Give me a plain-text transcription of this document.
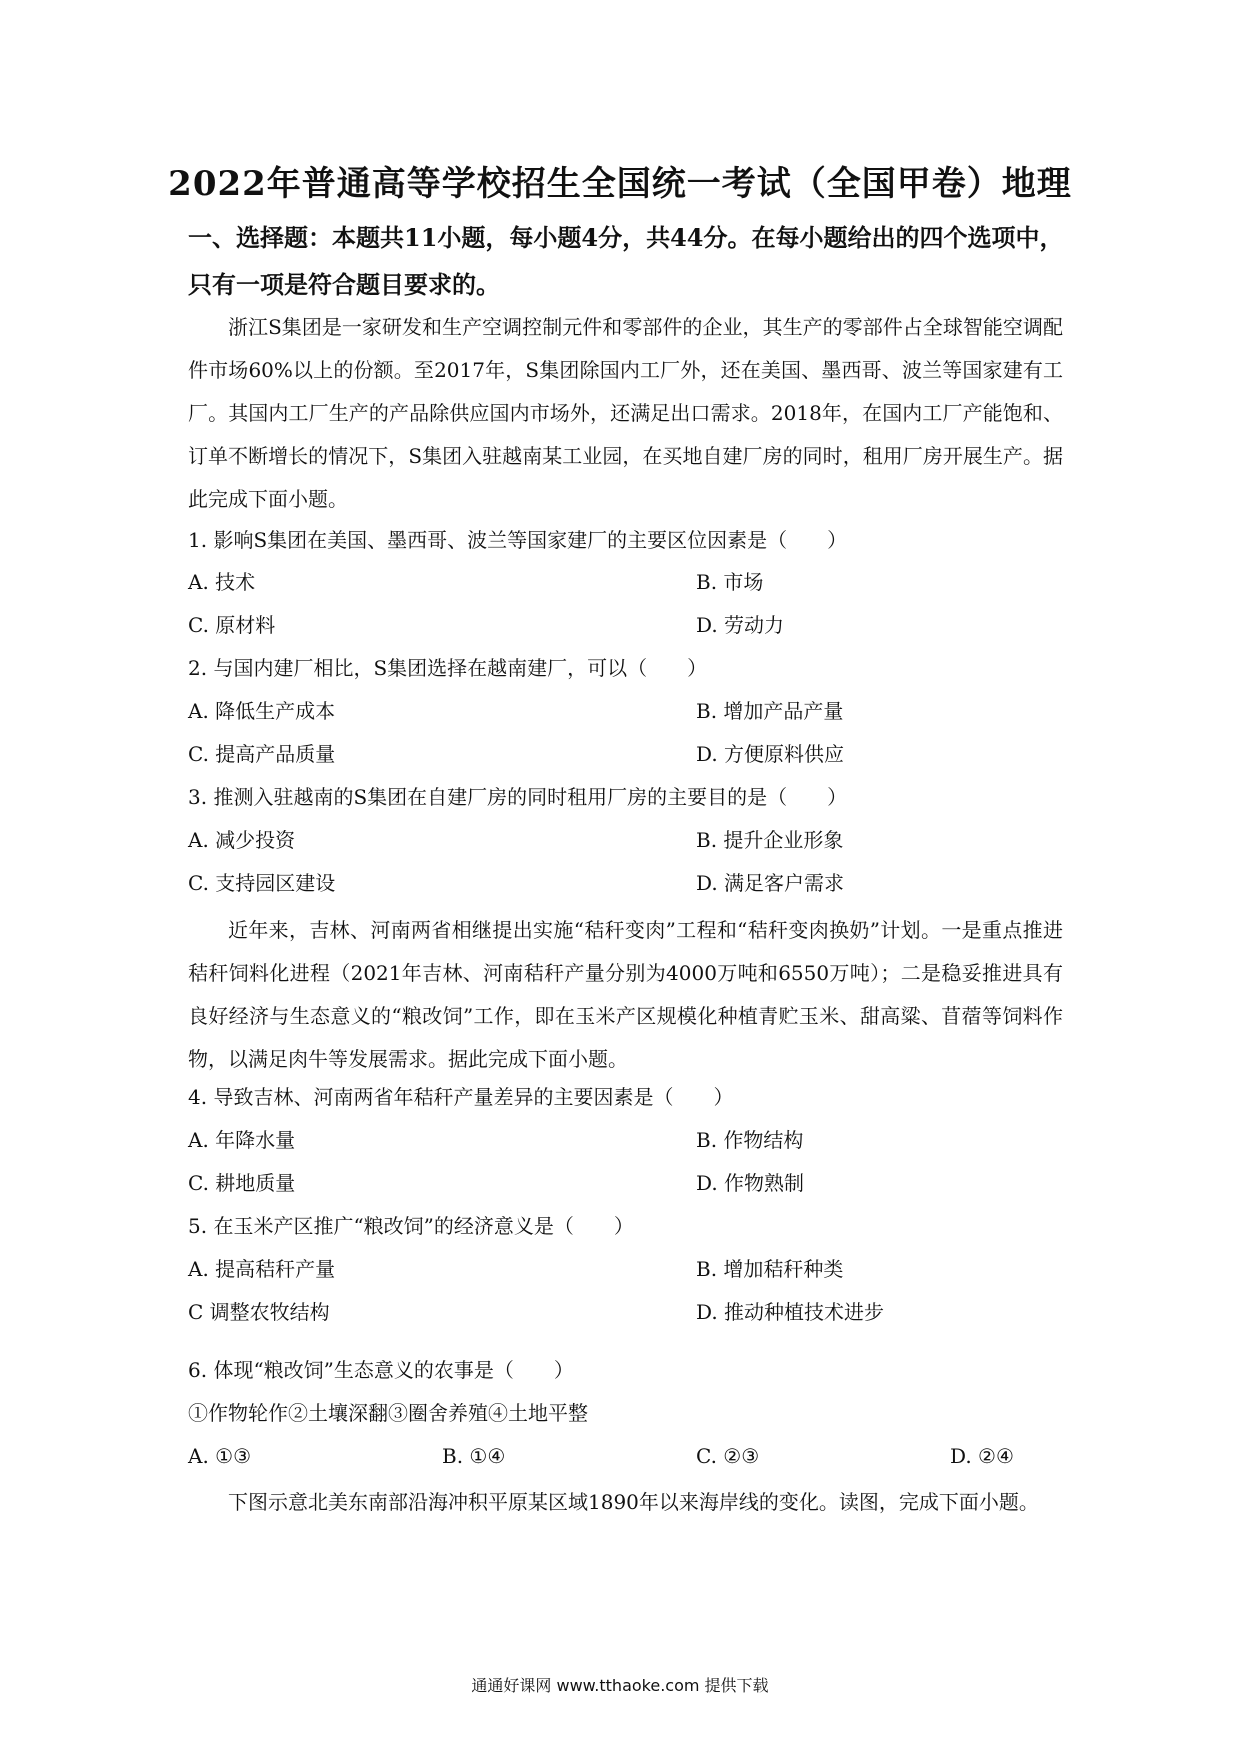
2022年普通高等学校招生全国统一考试（全国甲卷）地理
一、选择题：本题共11小题，每小题4分，共44分。在每小题给出的四个选项中，只有一项是符合题目要求的。
浙江S集团是一家研发和生产空调控制元件和零部件的企业，其生产的零部件占全球智能空调配件市场60%以上的份额。至2017年，S集团除国内工厂外，还在美国、墨西哥、波兰等国家建有工厂。其国内工厂生产的产品除供应国内市场外，还满足出口需求。2018年，在国内工厂产能饱和、订单不断增长的情况下，S集团入驻越南某工业园，在买地自建厂房的同时，租用厂房开展生产。据此完成下面小题。
1. 影响S集团在美国、墨西哥、波兰等国家建厂的主要区位因素是（　　）
A. 技术	B. 市场
C. 原材料	D. 劳动力
2. 与国内建厂相比，S集团选择在越南建厂，可以（　　）
A. 降低生产成本	B. 增加产品产量
C. 提高产品质量	D. 方便原料供应
3. 推测入驻越南的S集团在自建厂房的同时租用厂房的主要目的是（　　）
A. 减少投资	B. 提升企业形象
C. 支持园区建设	D. 满足客户需求
近年来，吉林、河南两省相继提出实施“秸秆变肉”工程和“秸秆变肉换奶”计划。一是重点推进秸秆饲料化进程（2021年吉林、河南秸秆产量分别为4000万吨和6550万吨）；二是稳妥推进具有良好经济与生态意义的“粮改饲”工作，即在玉米产区规模化种植青贮玉米、甜高粱、苜蓿等饲料作物，以满足肉牛等发展需求。据此完成下面小题。
4. 导致吉林、河南两省年秸秆产量差异的主要因素是（　　）
A. 年降水量	B. 作物结构
C. 耕地质量	D. 作物熟制
5. 在玉米产区推广“粮改饲”的经济意义是（　　）
A. 提高秸秆产量	B. 增加秸秆种类
C 调整农牧结构	D. 推动种植技术进步
6. 体现“粮改饲”生态意义的农事是（　　）
①作物轮作②土壤深翻③圈舍养殖④土地平整
A. ①③	B. ①④	C. ②③	D. ②④
下图示意北美东南部沿海冲积平原某区域1890年以来海岸线的变化。读图，完成下面小题。
通通好课网 www.tthaoke.com 提供下载
